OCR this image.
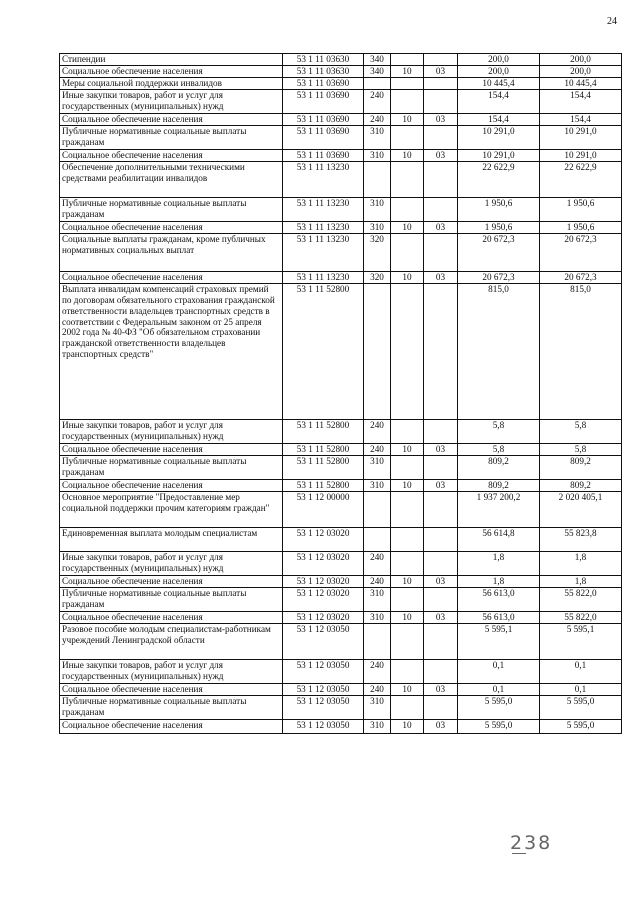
24
Стипендии	53 1 11 03630	340			200,0	200,0
Социальное обеспечение населения	53 1 11 03630	340	10	03	200,0	200,0
Меры социальной поддержки инвалидов	53 1 11 03690				10 445,4	10 445,4
Иные закупки товаров, работ и услуг для государственных (муниципальных) нужд	53 1 11 03690	240			154,4	154,4
Социальное обеспечение населения	53 1 11 03690	240	10	03	154,4	154,4
Публичные нормативные социальные выплаты гражданам	53 1 11 03690	310			10 291,0	10 291,0
Социальное обеспечение населения	53 1 11 03690	310	10	03	10 291,0	10 291,0
Обеспечение дополнительными техническими средствами реабилитации инвалидов	53 1 11 13230				22 622,9	22 622,9
Публичные нормативные социальные выплаты гражданам	53 1 11 13230	310			1 950,6	1 950,6
Социальное обеспечение населения	53 1 11 13230	310	10	03	1 950,6	1 950,6
Социальные выплаты гражданам, кроме публичных нормативных социальных выплат	53 1 11 13230	320			20 672,3	20 672,3
Социальное обеспечение населения	53 1 11 13230	320	10	03	20 672,3	20 672,3
Выплата инвалидам компенсаций страховых премий по договорам обязательного страхования гражданской ответственности владельцев транспортных средств в соответствии с Федеральным законом от 25 апреля 2002 года № 40-ФЗ "Об обязательном страховании гражданской ответственности владельцев транспортных средств"	53 1 11 52800				815,0	815,0
Иные закупки товаров, работ и услуг для государственных (муниципальных) нужд	53 1 11 52800	240			5,8	5,8
Социальное обеспечение населения	53 1 11 52800	240	10	03	5,8	5,8
Публичные нормативные социальные выплаты гражданам	53 1 11 52800	310			809,2	809,2
Социальное обеспечение населения	53 1 11 52800	310	10	03	809,2	809,2
Основное мероприятие "Предоставление мер социальной поддержки прочим категориям граждан"	53 1 12 00000				1 937 200,2	2 020 405,1
Единовременная выплата молодым специалистам	53 1 12 03020				56 614,8	55 823,8
Иные закупки товаров, работ и услуг для государственных (муниципальных) нужд	53 1 12 03020	240			1,8	1,8
Социальное обеспечение населения	53 1 12 03020	240	10	03	1,8	1,8
Публичные нормативные социальные выплаты гражданам	53 1 12 03020	310			56 613,0	55 822,0
Социальное обеспечение населения	53 1 12 03020	310	10	03	56 613,0	55 822,0
Разовое пособие молодым специалистам-работникам учреждений Ленинградской области	53 1 12 03050				5 595,1	5 595,1
Иные закупки товаров, работ и услуг для государственных (муниципальных) нужд	53 1 12 03050	240			0,1	0,1
Социальное обеспечение населения	53 1 12 03050	240	10	03	0,1	0,1
Публичные нормативные социальные выплаты гражданам	53 1 12 03050	310			5 595,0	5 595,0
Социальное обеспечение населения	53 1 12 03050	310	10	03	5 595,0	5 595,0
238
